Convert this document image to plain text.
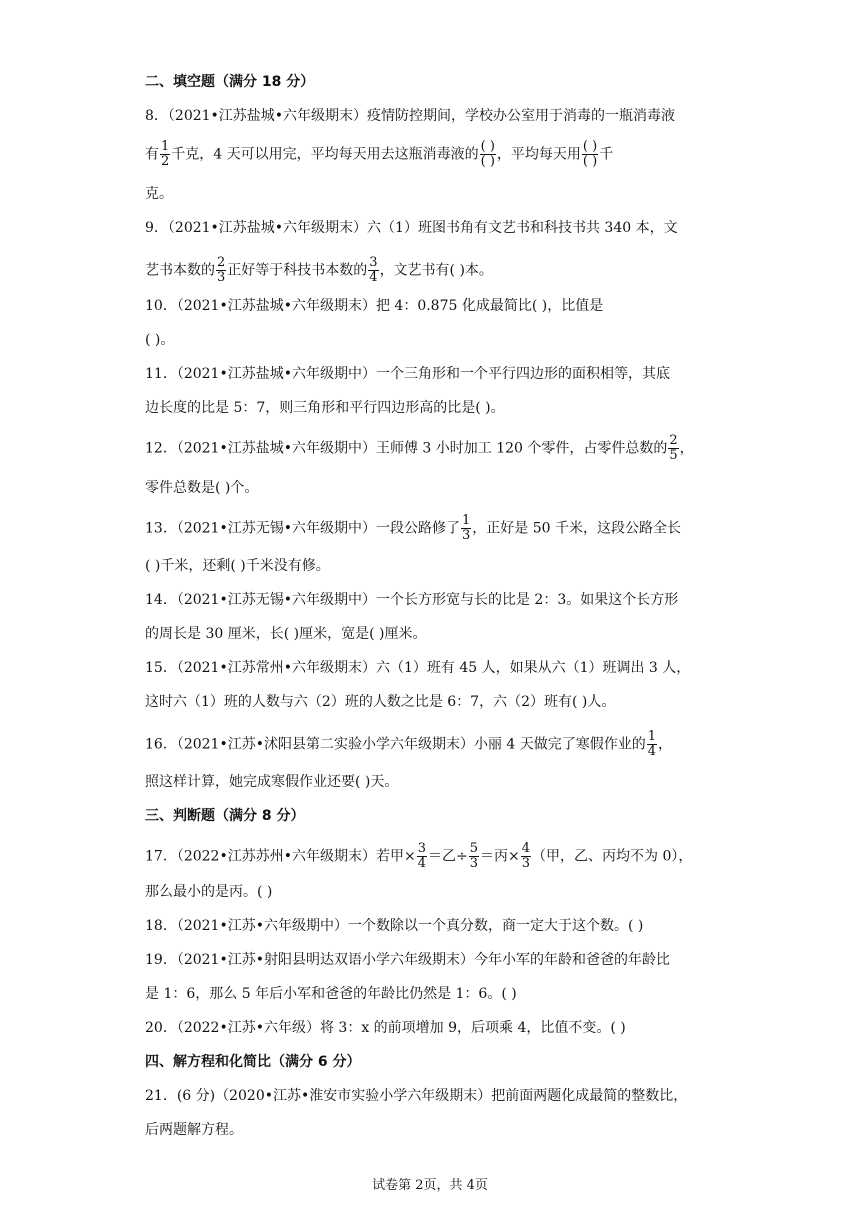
二、填空题（满分 18 分）
8．（2021•江苏盐城•六年级期末）疫情防控期间，学校办公室用于消毒的一瓶消毒液
有 $\frac{1}{2}$ 千克，4 天可以用完，平均每天用去这瓶消毒液的 $\frac{( )}{( )}$ ，平均每天用 $\frac{( )}{( )}$ 千
克。
9．（2021•江苏盐城•六年级期末）六（1）班图书角有文艺书和科技书共 340 本，文
艺书本数的 $\frac{2}{3}$ 正好等于科技书本数的 $\frac{3}{4}$ ，文艺书有( )本。
10．（2021•江苏盐城•六年级期末）把 4：0.875 化成最简比( )，比值是
( )。
11．（2021•江苏盐城•六年级期中）一个三角形和一个平行四边形的面积相等，其底
边长度的比是 5：7，则三角形和平行四边形高的比是( )。
12．（2021•江苏盐城•六年级期中）王师傅 3 小时加工 120 个零件，占零件总数的 $\frac{2}{5}$ ，
零件总数是( )个。
13．（2021•江苏无锡•六年级期中）一段公路修了 $\frac{1}{3}$ ，正好是 50 千米，这段公路全长
( )千米，还剩( )千米没有修。
14．（2021•江苏无锡•六年级期中）一个长方形宽与长的比是 2：3。如果这个长方形
的周长是 30 厘米，长( )厘米，宽是( )厘米。
15．（2021•江苏常州•六年级期末）六（1）班有 45 人，如果从六（1）班调出 3 人，
这时六（1）班的人数与六（2）班的人数之比是 6：7，六（2）班有( )人。
16．（2021•江苏•沭阳县第二实验小学六年级期末）小丽 4 天做完了寒假作业的 $\frac{1}{4}$ ，
照这样计算，她完成寒假作业还要( )天。
三、判断题（满分 8 分）
17．（2022•江苏苏州•六年级期末）若甲× $\frac{3}{4}$ ＝乙÷ $\frac{5}{3}$ ＝丙× $\frac{4}{3}$ （甲，乙、丙均不为 0），
那么最小的是丙。( )
18．（2021•江苏•六年级期中）一个数除以一个真分数，商一定大于这个数。( )
19．（2021•江苏•射阳县明达双语小学六年级期末）今年小军的年龄和爸爸的年龄比
是 1：6，那么 5 年后小军和爸爸的年龄比仍然是 1：6。( )
20．（2022•江苏•六年级）将 3：x 的前项增加 9，后项乘 4，比值不变。( )
四、解方程和化简比（满分 6 分）
21．(6 分)（2020•江苏•淮安市实验小学六年级期末）把前面两题化成最简的整数比，
后两题解方程。
试卷第 2页，共 4页
